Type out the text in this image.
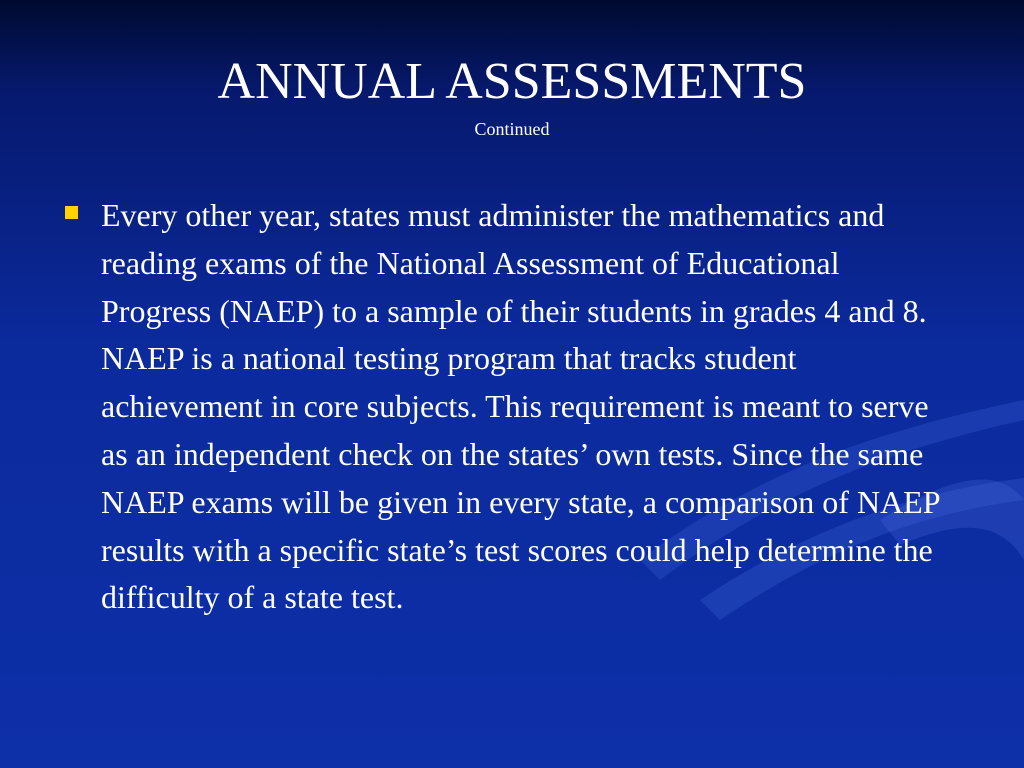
ANNUAL ASSESSMENTS
Continued

Every other year, states must administer the mathematics and reading exams of the National Assessment of Educational Progress (NAEP) to a sample of their students in grades 4 and 8. NAEP is a national testing program that tracks student achievement in core subjects. This requirement is meant to serve as an independent check on the states’ own tests. Since the same NAEP exams will be given in every state, a comparison of NAEP results with a specific state’s test scores could help determine the difficulty of a state test.
